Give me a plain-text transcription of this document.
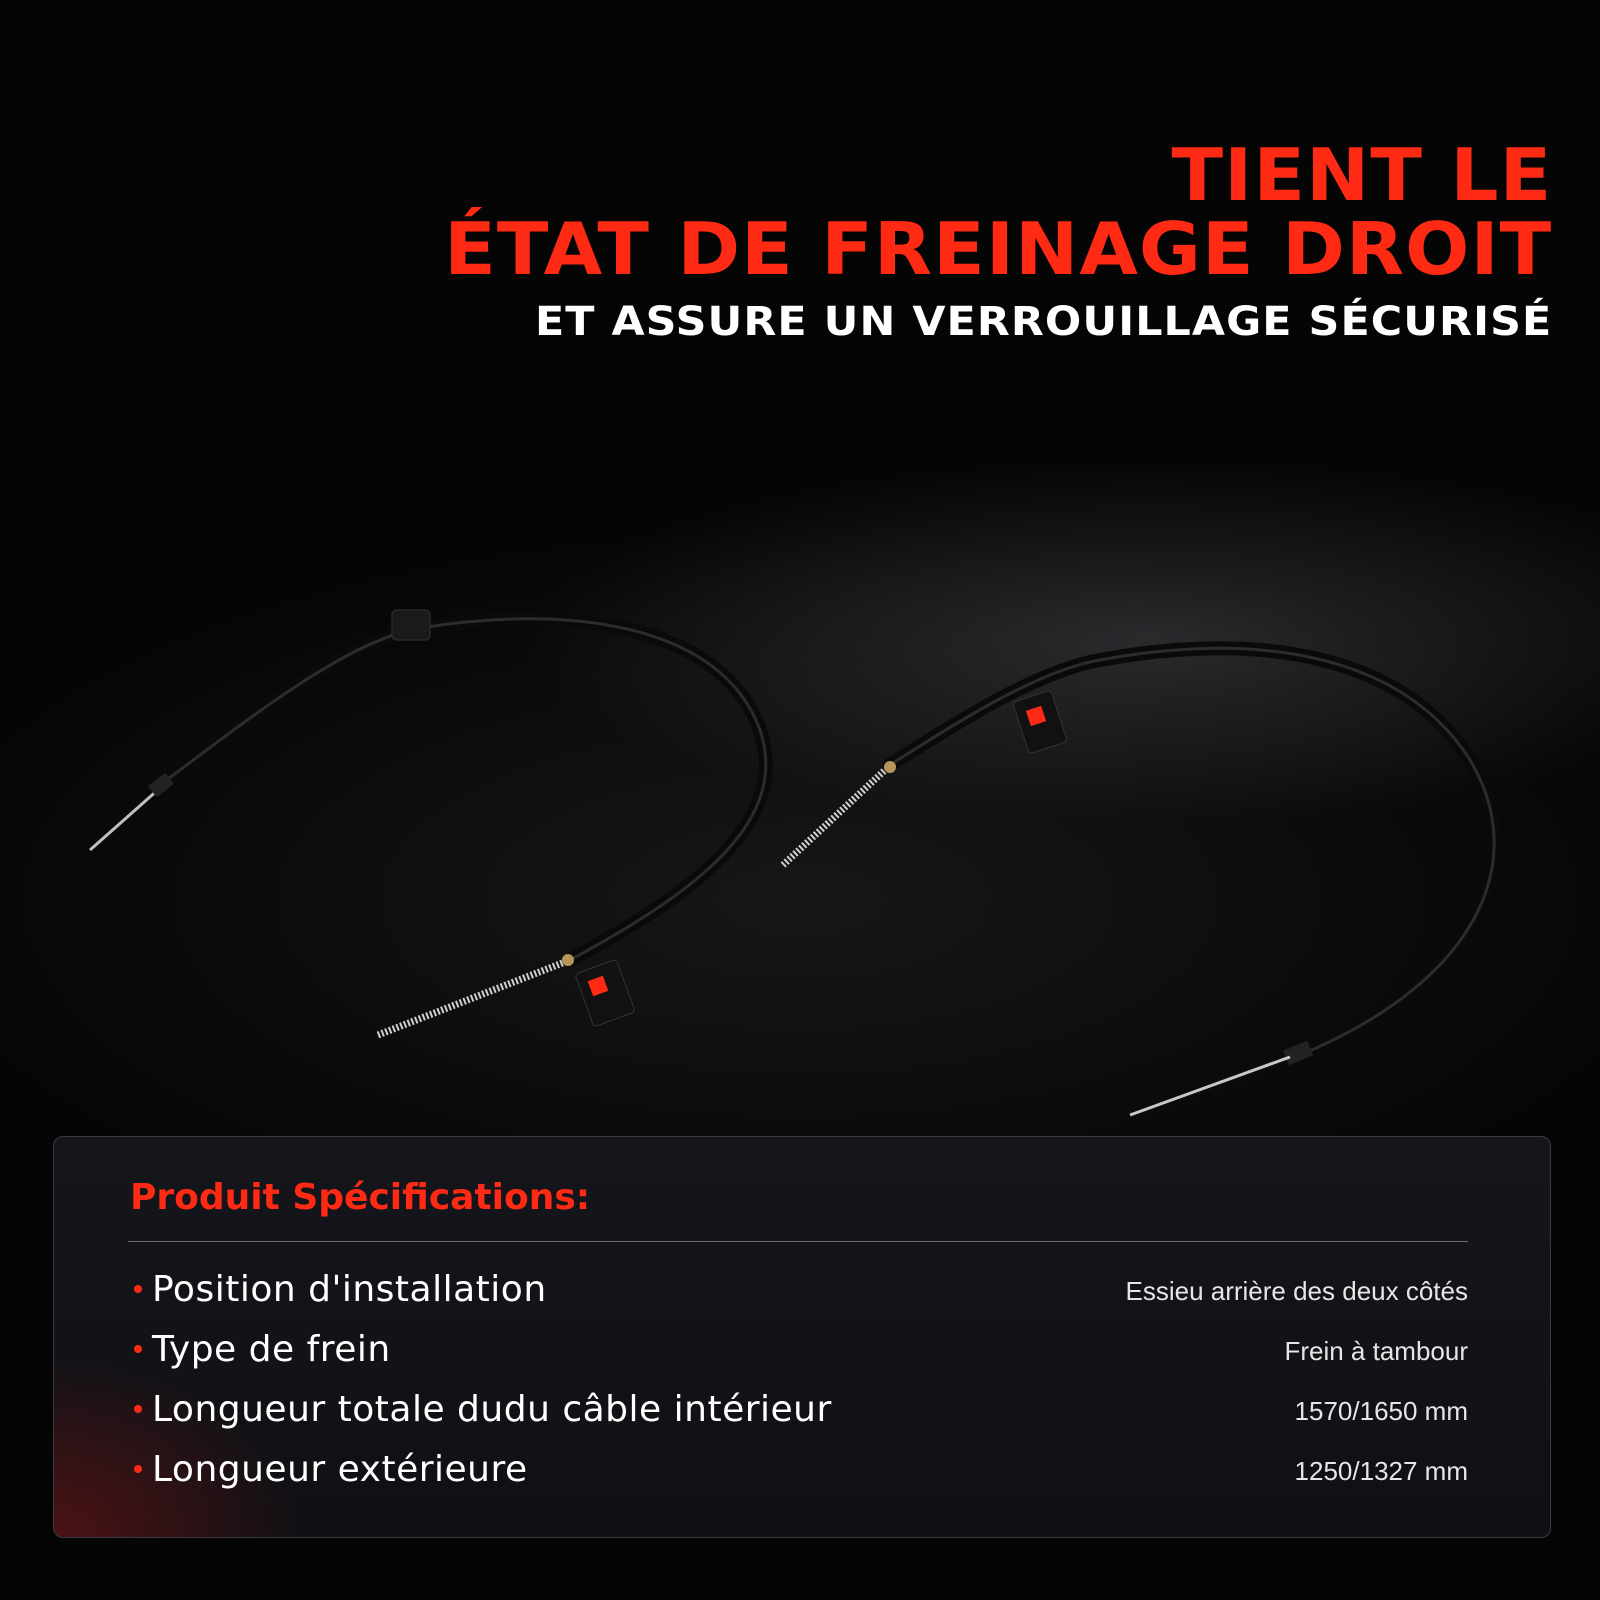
TIENT LE
ÉTAT DE FREINAGE DROIT
ET ASSURE UN VERROUILLAGE SÉCURISÉ
Produit Spécifications:
Position d'installation	Essieu arrière des deux côtés
Type de frein	Frein à tambour
Longueur totale dudu câble intérieur	1570/1650 mm
Longueur extérieure	1250/1327 mm
